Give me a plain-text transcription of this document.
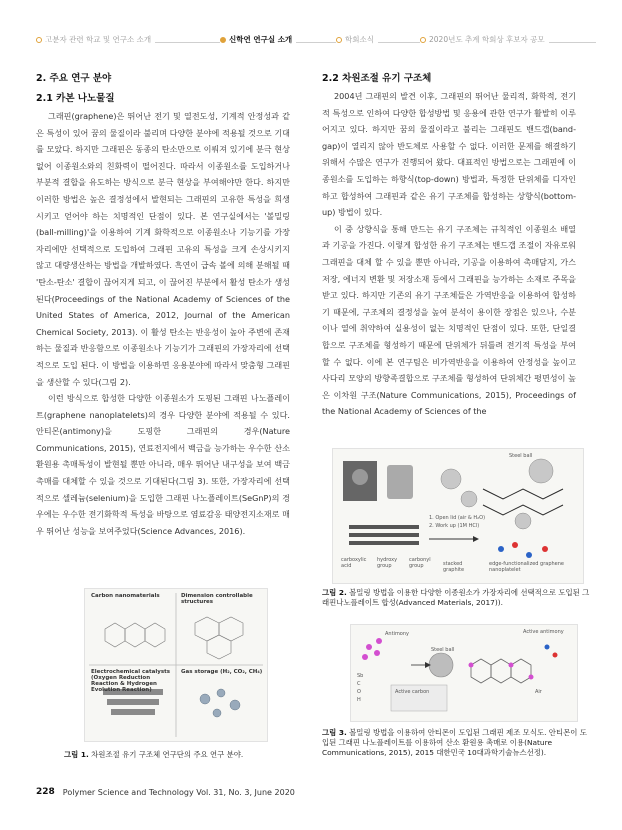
고분자 관련 학교 및 연구소 소개	신학연 연구실 소개	학회소식	2020년도 추계 학회상 후보자 공모
2. 주요 연구 분야
2.1 카본 나노물질

그래핀(graphene)은 뛰어난 전기 및 열전도성, 기계적 안정성과 같은 특성이 있어 꿈의 물질이라 불리며 다양한 분야에 적용될 것으로 기대를 모았다. 하지만 그래핀은 동종의 탄소만으로 이뤄져 있기에 분극 현상 없어 이종원소와의 친화력이 떨어진다. 따라서 이종원소를 도입하거나 부분적 결합을 유도하는 방식으로 분극 현상을 부여해야만 한다. 하지만 이러한 방법은 높은 결정성에서 발현되는 그래핀의 고유한 특성을 희생시키고 얻어야 하는 치명적인 단점이 있다. 본 연구실에서는 '볼밀링(ball-milling)'을 이용하여 기계 화학적으로 이종원소나 기능기를 가장자리에만 선택적으로 도입하여 그래핀 고유의 특성을 크게 손상시키지 않고 대량생산하는 방법을 개발하였다. 흑연이 급속 볼에 의해 분해될 때 '탄소-탄소' 결합이 끊어지게 되고, 이 끊어진 부분에서 활성 탄소가 생성된다(Proceedings of the National Academy of Sciences of the United States of America, 2012, Journal of the American Chemical Society, 2013). 이 활성 탄소는 반응성이 높아 주변에 존재하는 물질과 반응함으로 이종원소나 기능기가 그래핀의 가장자리에 선택적으로 도입 된다. 이 방법을 이용하면 응용분야에 따라서 맞춤형 그래핀을 생산할 수 있다(그림 2).

이런 방식으로 합성한 다양한 이종원소가 도핑된 그래핀 나노플레이트(graphene nanoplatelets)의 경우 다양한 분야에 적용될 수 있다. 안티몬(antimony)을 도핑한 그래핀의 경우(Nature Communications, 2015), 연료전지에서 백금을 능가하는 우수한 산소환원용 촉매특성이 발현될 뿐만 아니라, 매우 뛰어난 내구성을 보여 백금촉매를 대체할 수 있을 것으로 기대된다(그림 3). 또한, 가장자리에 선택적으로 셀레늄(selenium)을 도입한 그래핀 나노플레이트(SeGnP)의 경우에는 우수한 전기화학적 특성을 바탕으로 염료감응 태양전지소재로 매우 뛰어난 성능을 보여주었다(Science Advances, 2016).

2.2 차원조절 유기 구조체

2004년 그래핀의 발견 이후, 그래핀의 뛰어난 물리적, 화학적, 전기적 특성으로 인하여 다양한 합성방법 및 응용에 관한 연구가 활발히 이루어지고 있다. 하지만 꿈의 물질이라고 불리는 그래핀도 밴드갭(band-gap)이 열리지 않아 반도체로 사용할 수 없다. 이러한 문제를 해결하기 위해서 수많은 연구가 진행되어 왔다. 대표적인 방법으로는 그래핀에 이종원소를 도입하는 하향식(top-down) 방법과, 특정한 단위체를 디자인하고 합성하여 그래핀과 같은 유기 구조체를 합성하는 상향식(bottom-up) 방법이 있다.

이 중 상향식을 통해 만드는 유기 구조체는 규칙적인 이종원소 배열과 기공을 가진다. 이렇게 합성한 유기 구조체는 밴드갭 조절이 자유로워 그래핀을 대체 할 수 있을 뿐만 아니라, 기공을 이용하여 촉매담지, 가스저장, 에너지 변환 및 저장소재 등에서 그래핀을 능가하는 소재로 주목을 받고 있다. 하지만 기존의 유기 구조체들은 가역반응을 이용하여 합성하기 때문에, 구조체의 결정성을 높여 분석이 용이한 장점은 있으나, 수분이나 열에 취약하여 실용성이 없는 치명적인 단점이 있다. 또한, 단일결합으로 구조체를 형성하기 때문에 단위체가 뒤틀려 전기적 특성을 부여할 수 없다. 이에 본 연구팀은 비가역반응을 이용하여 안정성을 높이고 사다리 모양의 방향족결합으로 구조체를 형성하여 단위체간 평면성이 높은 이차원 구조(Nature Communications, 2015), Proceedings of the National Academy of Sciences of the

Carbon nanomaterials	Dimension controllable structures
Electrochemical catalysts (Oxygen Reduction Reaction & Hydrogen Evolution Reaction)
Gas storage (H₂, CO₂, CH₄)
그림 1. 차원조절 유기 구조체 연구단의 주요 연구 분야.
Steel ball
1. Open lid (air & H₂O)
2. Work up (1M HCl)
carboxylic acid
hydroxy group
carbonyl group	stacked graphite
edge-functionalized graphene nanoplatelet
그림 2. 볼밀링 방법을 이용한 다양한 이종원소가 가장자리에 선택적으로 도입된 그래핀나노플레이트 합성(Advanced Materials, 2017)).
Antimony
Steel ball
Active carbon
Active antimony
Air
Sb
C
O
H
그림 3. 볼밀링 방법을 이용하여 안티몬이 도입된 그래핀 제조 모식도. 안티몬이 도입된 그래핀 나노플레이트를 이용하여 산소 환원용 촉매로 이용(Nature Communications, 2015), 2015 대한민국 10대과학기술뉴스선정).
228 Polymer Science and Technology Vol. 31, No. 3, June 2020
